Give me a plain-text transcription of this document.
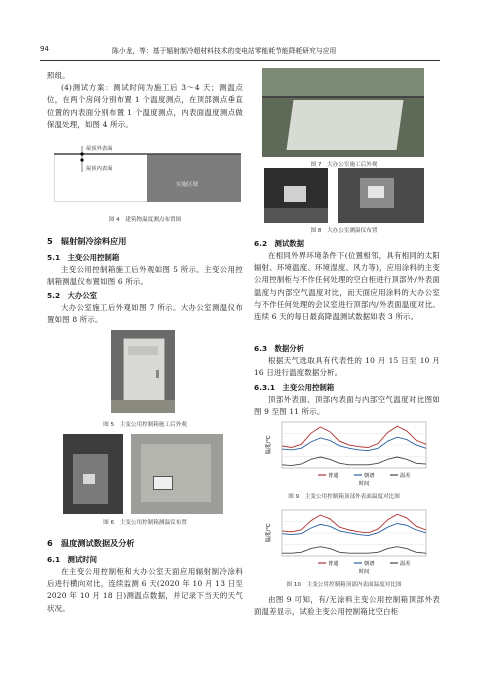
94	陈小龙，等：基于辐射制冷超材料技术的变电站零能耗节能降耗研究与应用

照组。

(4)测试方案：测试时间为施工后 3～4 天；测温点位，在两个房间分别布置 1 个温度测点，在顶部测点垂直位置的内表面分别布置 1 个温度测点，内表面温度测点做保温处理，如图 4 所示。

屋顶外表面
屋顶内表面
实施区域
图 4　建筑物温度测点布置图
5　辐射制冷涂料应用
5.1　主变公用控制箱

主变公用控制箱施工后外观如图 5 所示。主变公用控制箱测温仪布置如图 6 所示。

5.2　大办公室

大办公室施工后外观如图 7 所示。大办公室测温仪布置如图 8 所示。

图 5　主变公用控制箱施工后外观
图 6　主变公用控制箱测温仪布置
6　温度测试数据及分析
6.1　测试时间

在主变公用控制柜和大办公室天面应用辐射制冷涂料后进行横向对比，连续监测 6 天(2020 年 10 月 13 日至 2020 年 10 月 18 日)测温点数据，并记录下当天的天气状况。

图 7　大办公室施工后外观
图 8　大办公室测温仪布置
6.2　测试数据

在相同外界环境条件下(位置相邻，具有相同的太阳辐射、环境温度、环境湿度、风力等)，应用涂料的主变公用控制柜与不作任何处理的空白柜进行顶部外/外表面温度与内部空气温度对比，而天面应用涂料的大办公室与不作任何处理的会议室进行顶部内/外表面温度对比。连续 6 天的每日最高降温测试数据如表 3 所示。

6.3　数据分析

根据天气选取具有代表性的 10 月 15 日至 10 月 16 日进行温度数据分析。

6.3.1　主变公用控制箱

顶部外表面、顶部内表面与内部空气温度对比图如图 9 至图 11 所示。

温度/℃
普通	朝谱	温差
时间
图 9　主变公用控制箱顶部外表面温度对比图
温度/℃
普通	朝谱	温差
时间
图 10　主变公用控制箱顶部内表面温度对比图

由图 9 可知，有/无涂料主变公用控制箱顶部外表面温差显示，试验主变公用控制箱比空白柜
